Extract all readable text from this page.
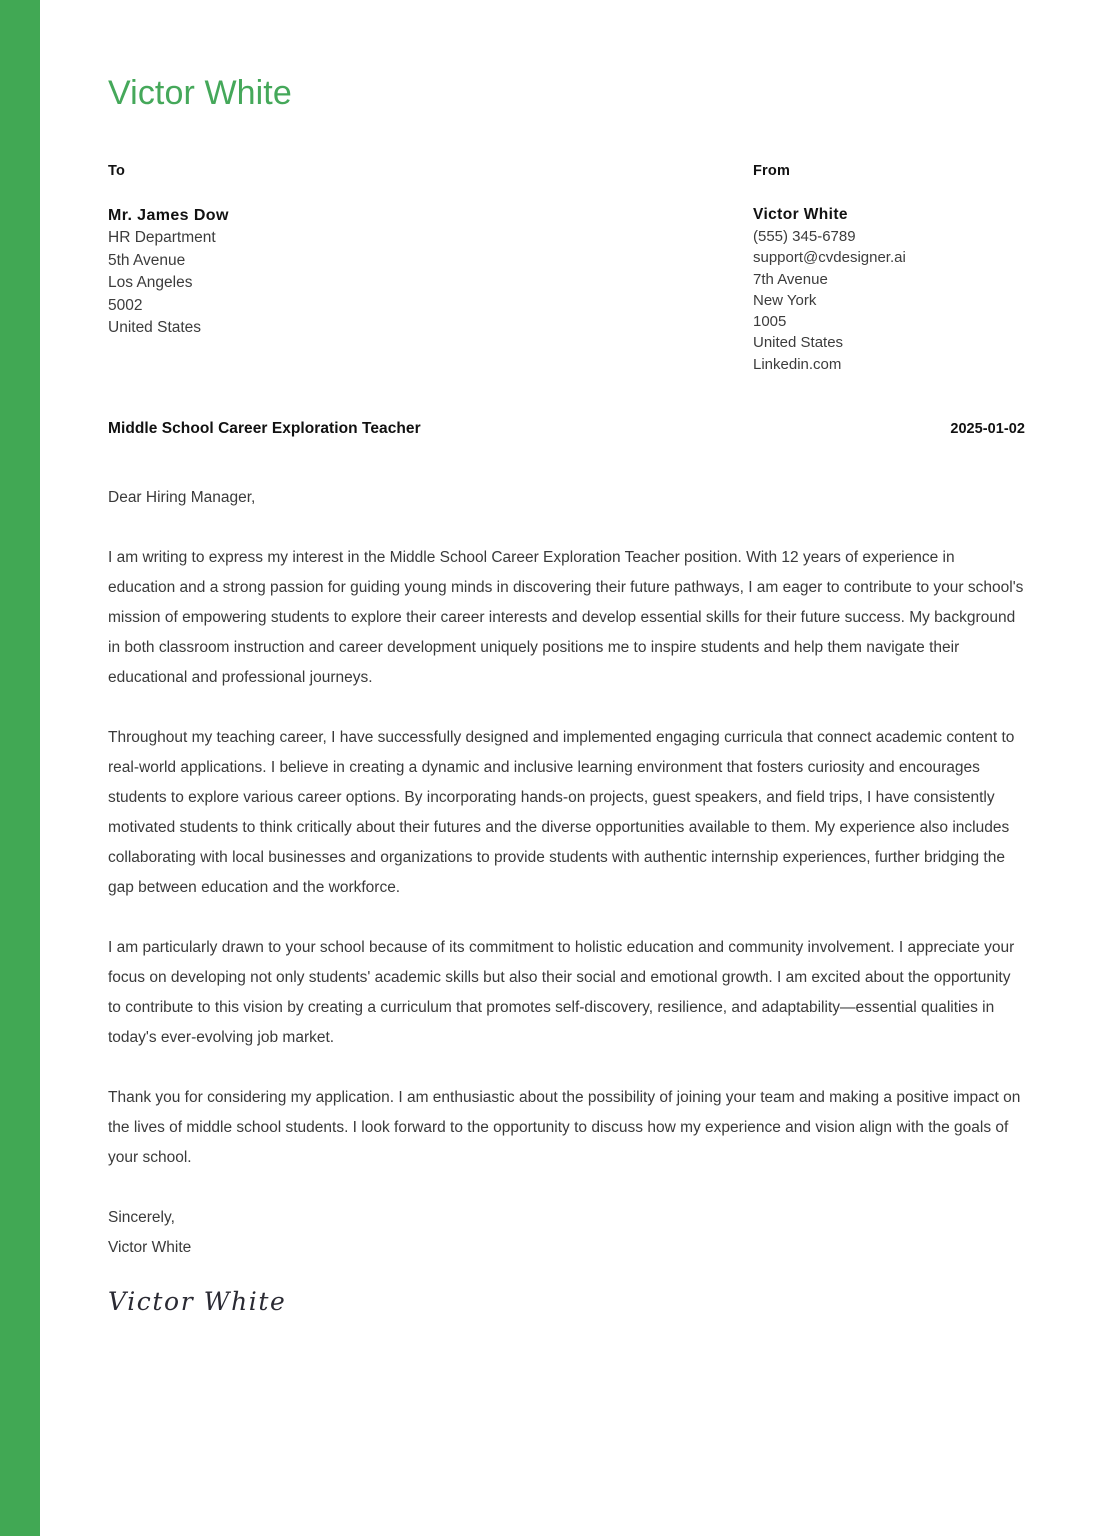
Victor White
To
Mr. James Dow
HR Department
5th Avenue
Los Angeles
5002
United States
From
Victor White
(555) 345-6789
support@cvdesigner.ai
7th Avenue
New York
1005
United States
Linkedin.com
Middle School Career Exploration Teacher	2025-01-02

Dear Hiring Manager,

I am writing to express my interest in the Middle School Career Exploration Teacher position. With 12 years of experience in education and a strong passion for guiding young minds in discovering their future pathways, I am eager to contribute to your school's mission of empowering students to explore their career interests and develop essential skills for their future success. My background in both classroom instruction and career development uniquely positions me to inspire students and help them navigate their educational and professional journeys.

Throughout my teaching career, I have successfully designed and implemented engaging curricula that connect academic content to real-world applications. I believe in creating a dynamic and inclusive learning environment that fosters curiosity and encourages students to explore various career options. By incorporating hands-on projects, guest speakers, and field trips, I have consistently motivated students to think critically about their futures and the diverse opportunities available to them. My experience also includes collaborating with local businesses and organizations to provide students with authentic internship experiences, further bridging the gap between education and the workforce.

I am particularly drawn to your school because of its commitment to holistic education and community involvement. I appreciate your focus on developing not only students' academic skills but also their social and emotional growth. I am excited about the opportunity to contribute to this vision by creating a curriculum that promotes self-discovery, resilience, and adaptability—essential qualities in today's ever-evolving job market.

Thank you for considering my application. I am enthusiastic about the possibility of joining your team and making a positive impact on the lives of middle school students. I look forward to the opportunity to discuss how my experience and vision align with the goals of your school.

Sincerely,

Victor White

Victor White
